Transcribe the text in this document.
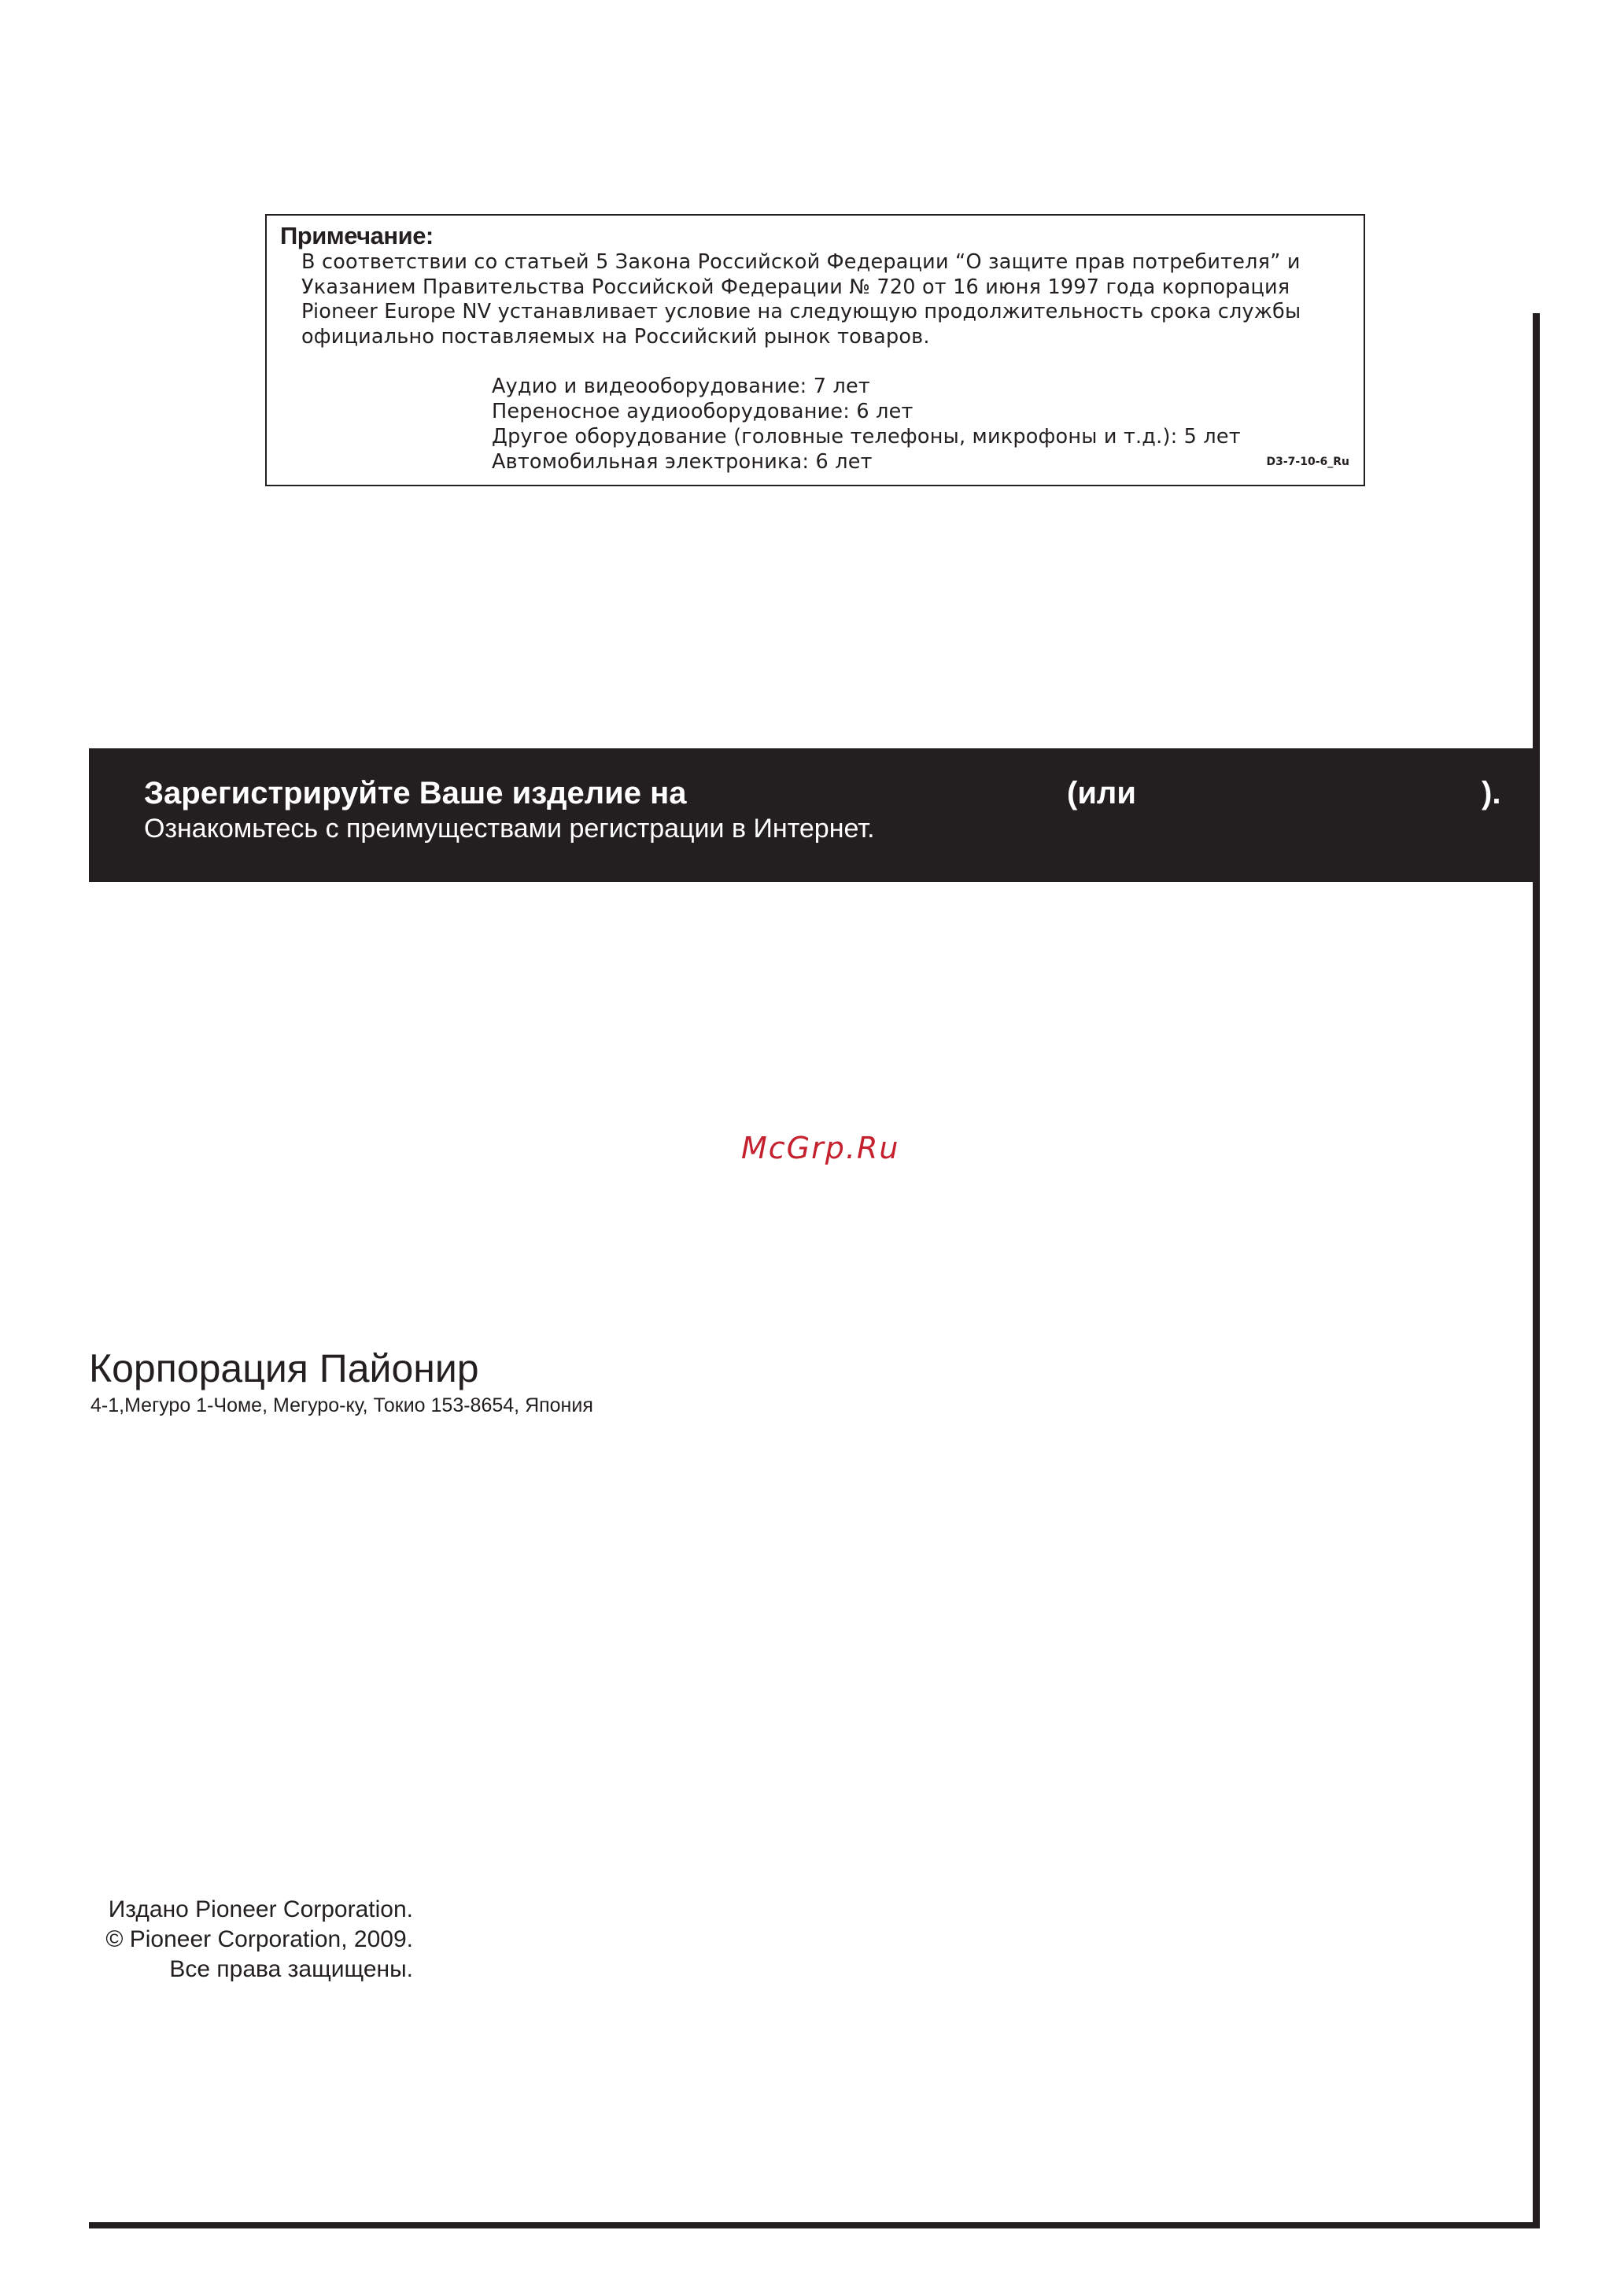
Примечание:

В соответствии со статьей 5 Закона Российской Федерации “О защите прав потребителя” и Указанием Правительства Российской Федерации № 720 от 16 июня 1997 года корпорация Pioneer Europe NV устанавливает условие на следующую продолжительность срока службы официально поставляемых на Российский рынок товаров.

Аудио и видеооборудование: 7 лет
Переносное аудиооборудование: 6 лет
Другое оборудование (головные телефоны, микрофоны и т.д.): 5 лет
Автомобильная электроника: 6 лет	D3-7-10-6_Ru
Зарегистрируйте Ваше изделие на	(или	).
Ознакомьтесь с преимуществами регистрации в Интернет.
McGrp.Ru
Корпорация Пайонир
4-1,Мегуро 1-Чоме, Мегуро-ку, Токио 153-8654, Япония
Издано Pioneer Corporation.
© Pioneer Corporation, 2009.
Все права защищены.
